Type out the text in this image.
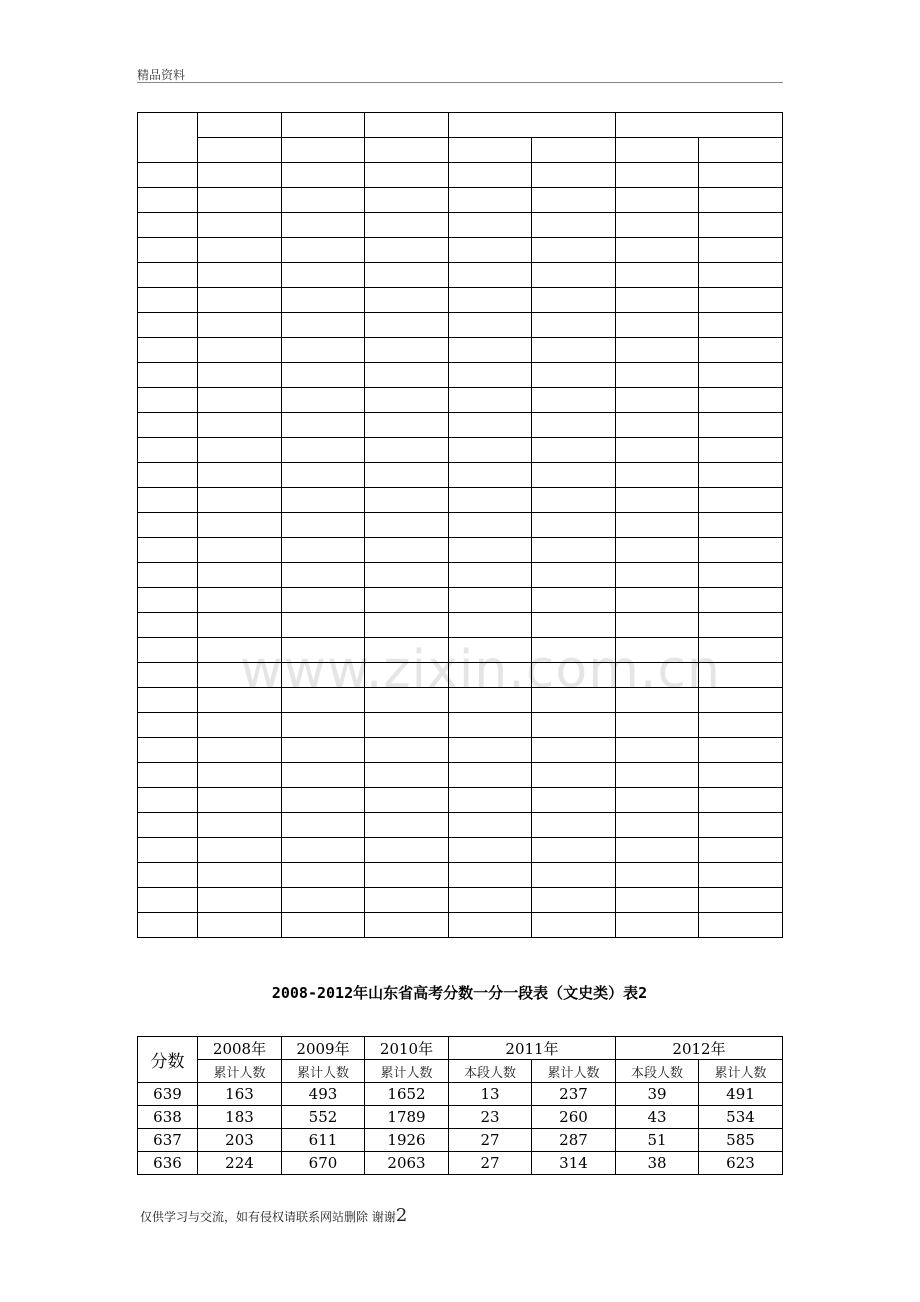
精品资料

www.zixin.com.cn
2008-2012年山东省高考分数一分一段表（文史类）表2
分数	2008年	2009年	2010年	2011年		2012年	
	累计人数	累计人数	累计人数	本段人数	累计人数	本段人数	累计人数
639	163	493	1652	13	237	39	491
638	183	552	1789	23	260	43	534
637	203	611	1926	27	287	51	585
636	224	670	2063	27	314	38	623
仅供学习与交流，如有侵权请联系网站删除 谢谢2
